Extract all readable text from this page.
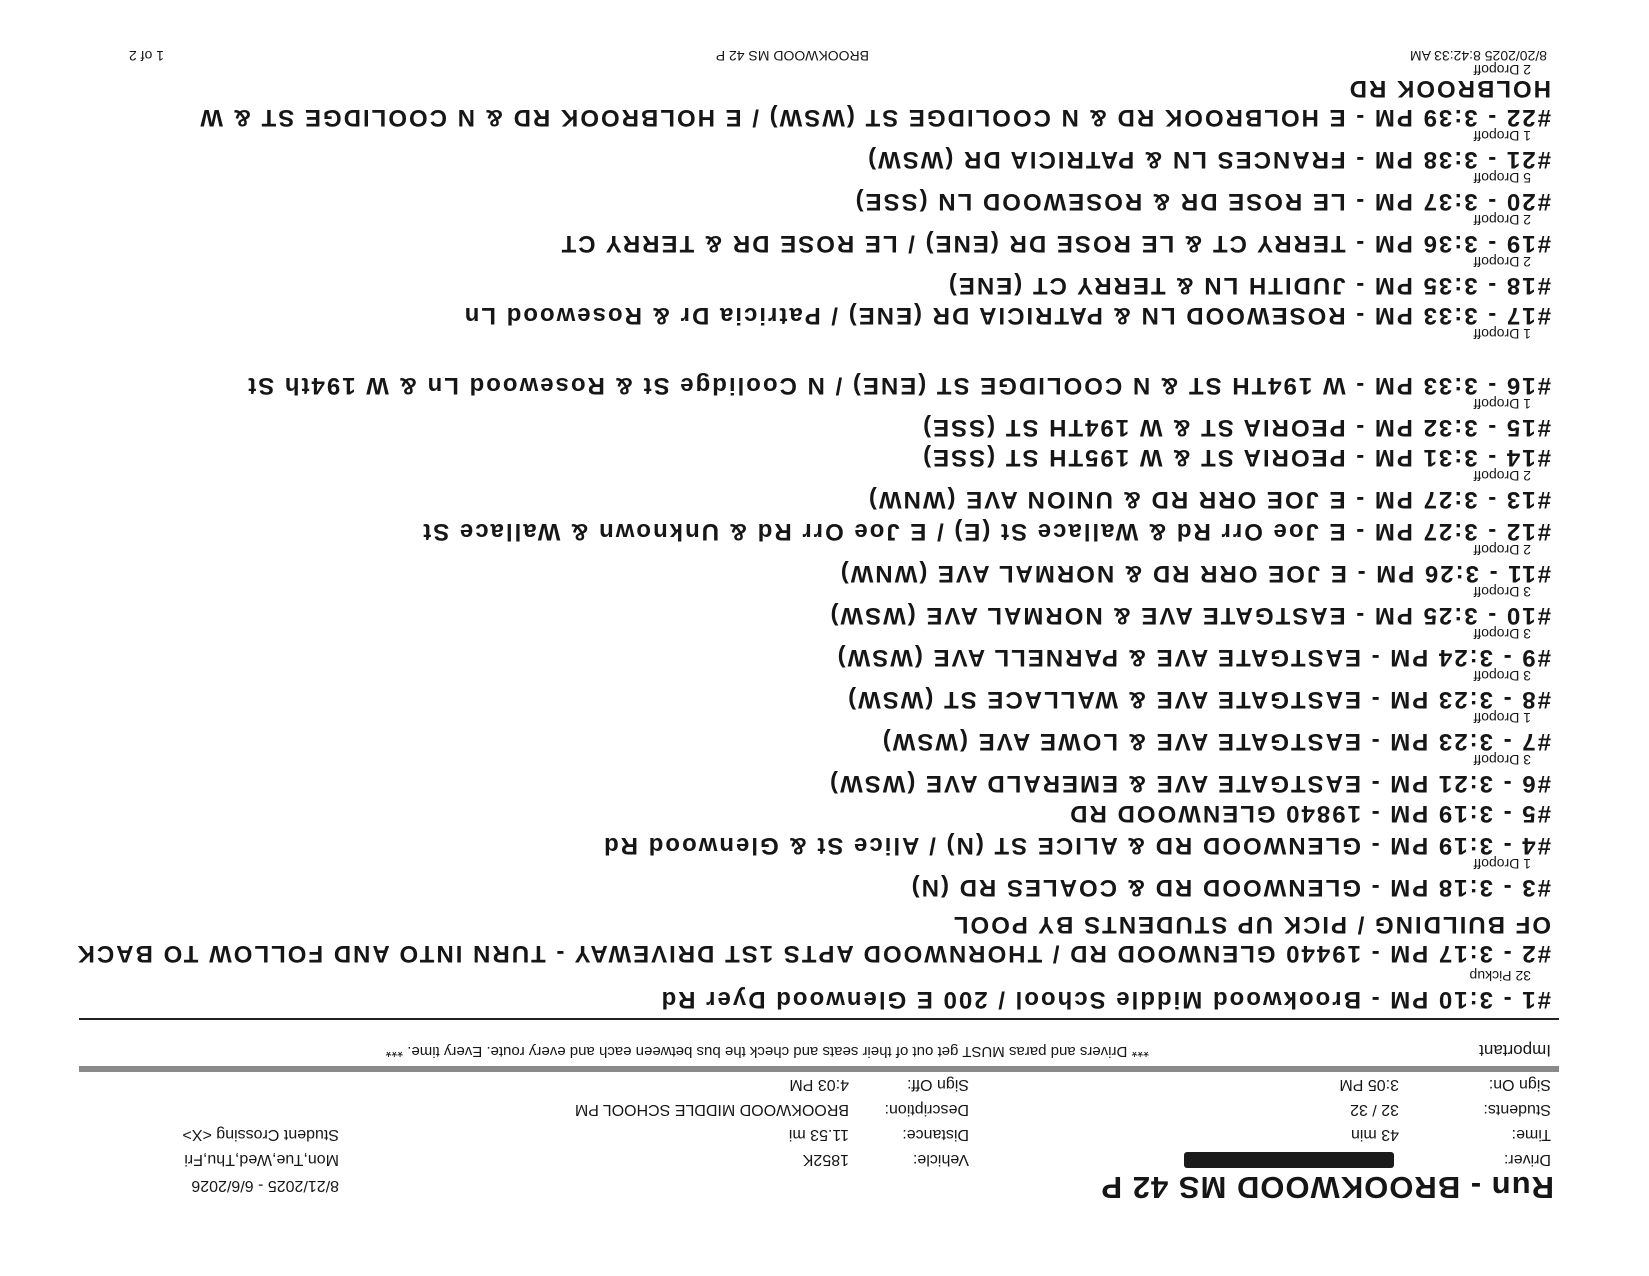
Run - BROOKWOOD MS 42 P
8/21/2025 - 6/6/2026
Mon,Tue,Wed,Thu,Fri
Student Crossing <X>
Driver:
Vehicle:
1852K
Time:
43 min
Distance:
11.53 mi
Students:
32 / 32
Description:
BROOKWOOD MIDDLE SCHOOL PM
Sign On:
3:05 PM
Sign Off:
4:03 PM
Important
*** Drivers and paras MUST get out of their seats and check the bus between each and every route. Every time. ***
#1 - 3:10 PM - Brookwood Middle School / 200 E Glenwood Dyer Rd
32 Pickup
#2 - 3:17 PM - 19440 GLENWOOD RD / THORNWOOD APTS 1ST DRIVEWAY - TURN INTO AND FOLLOW TO BACK OF BUILDING / PICK UP STUDENTS BY POOL
#3 - 3:18 PM - GLENWOOD RD & COALES RD (N)
1 Dropoff
#4 - 3:19 PM - GLENWOOD RD & ALICE ST (N) / Alice St & Glenwood Rd
#5 - 3:19 PM - 19840 GLENWOOD RD
#6 - 3:21 PM - EASTGATE AVE & EMERALD AVE (WSW)
3 Dropoff
#7 - 3:23 PM - EASTGATE AVE & LOWE AVE (WSW)
1 Dropoff
#8 - 3:23 PM - EASTGATE AVE & WALLACE ST (WSW)
3 Dropoff
#9 - 3:24 PM - EASTGATE AVE & PARNELL AVE (WSW)
3 Dropoff
#10 - 3:25 PM - EASTGATE AVE & NORMAL AVE (WSW)
3 Dropoff
#11 - 3:26 PM - E JOE ORR RD & NORMAL AVE (WNW)
2 Dropoff
#12 - 3:27 PM - E Joe Orr Rd & Wallace St (E) / E Joe Orr Rd & Unknown & Wallace St
#13 - 3:27 PM - E JOE ORR RD & UNION AVE (WNW)
2 Dropoff
#14 - 3:31 PM - PEORIA ST & W 195TH ST (SSE)
#15 - 3:32 PM - PEORIA ST & W 194TH ST (SSE)
1 Dropoff
#16 - 3:33 PM - W 194TH ST & N COOLIDGE ST (ENE) / N Coolidge St & Rosewood Ln & W 194th St
1 Dropoff
#17 - 3:33 PM - ROSEWOOD LN & PATRICIA DR (ENE) / Patricia Dr & Rosewood Ln
#18 - 3:35 PM - JUDITH LN & TERRY CT (ENE)
2 Dropoff
#19 - 3:36 PM - TERRY CT & LE ROSE DR (ENE) / LE ROSE DR & TERRY CT
2 Dropoff
#20 - 3:37 PM - LE ROSE DR & ROSEWOOD LN (SSE)
5 Dropoff
#21 - 3:38 PM - FRANCES LN & PATRICIA DR (WSW)
1 Dropoff
#22 - 3:39 PM - E HOLBROOK RD & N COOLIDGE ST (WSW) / E HOLBROOK RD & N COOLIDGE ST & W HOLBROOK RD
2 Dropoff
8/20/2025 8:42:33 AM
BROOKWOOD MS 42 P
1 of 2
